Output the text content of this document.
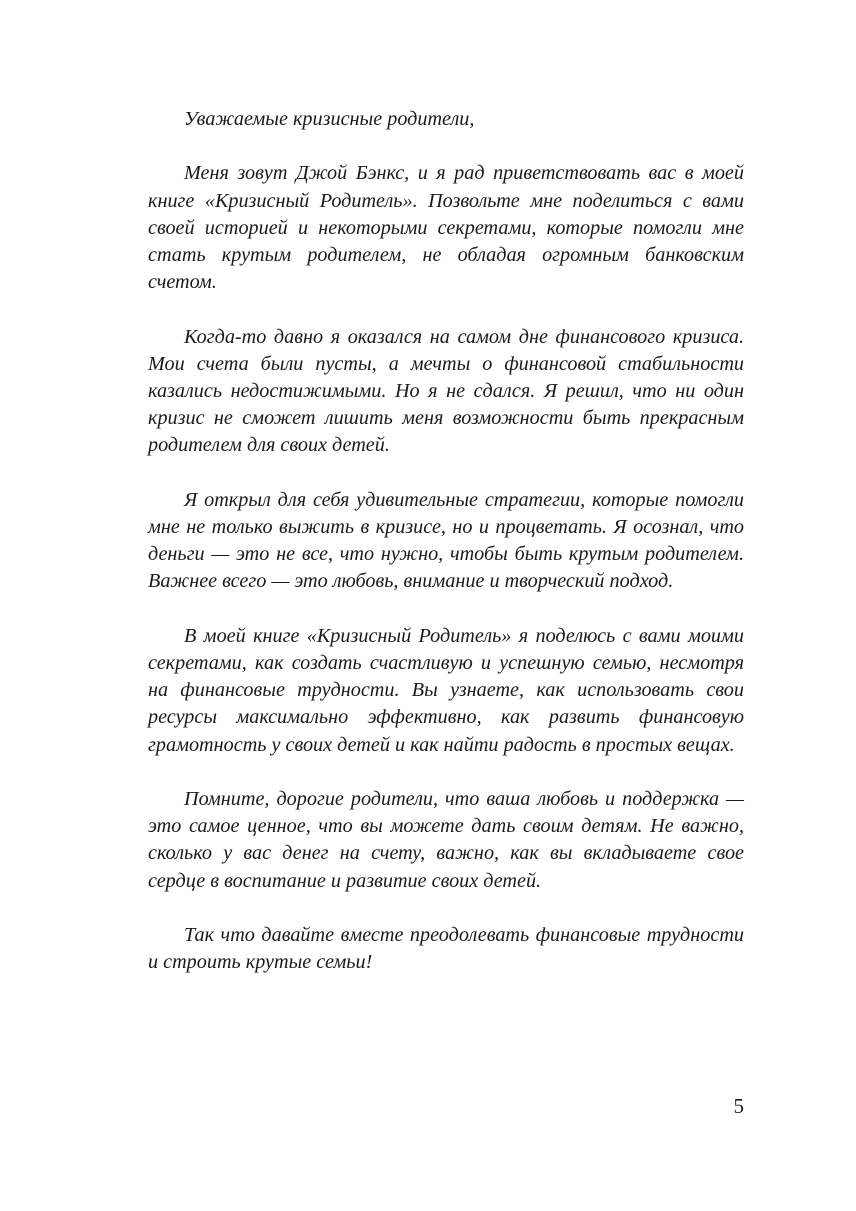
Уважаемые кризисные родители,

Меня зовут Джой Бэнкс, и я рад приветствовать вас в моей книге «Кризисный Родитель». Позвольте мне поделиться с вами своей историей и некоторыми секретами, которые помогли мне стать крутым родителем, не обладая огромным банковским счетом.

Когда-то давно я оказался на самом дне финансового кризиса. Мои счета были пусты, а мечты о финансовой стабильности казались недостижимыми. Но я не сдался. Я решил, что ни один кризис не сможет лишить меня возможности быть прекрасным родителем для своих детей.

Я открыл для себя удивительные стратегии, которые помогли мне не только выжить в кризисе, но и процветать. Я осознал, что деньги — это не все, что нужно, чтобы быть крутым родителем. Важнее всего — это любовь, внимание и творческий подход.

В моей книге «Кризисный Родитель» я поделюсь с вами моими секретами, как создать счастливую и успешную семью, несмотря на финансовые трудности. Вы узнаете, как использовать свои ресурсы максимально эффективно, как развить финансовую грамотность у своих детей и как найти радость в простых вещах.

Помните, дорогие родители, что ваша любовь и поддержка — это самое ценное, что вы можете дать своим детям. Не важно, сколько у вас денег на счету, важно, как вы вкладываете свое сердце в воспитание и развитие своих детей.

Так что давайте вместе преодолевать финансовые трудности и строить крутые семьи!

5
